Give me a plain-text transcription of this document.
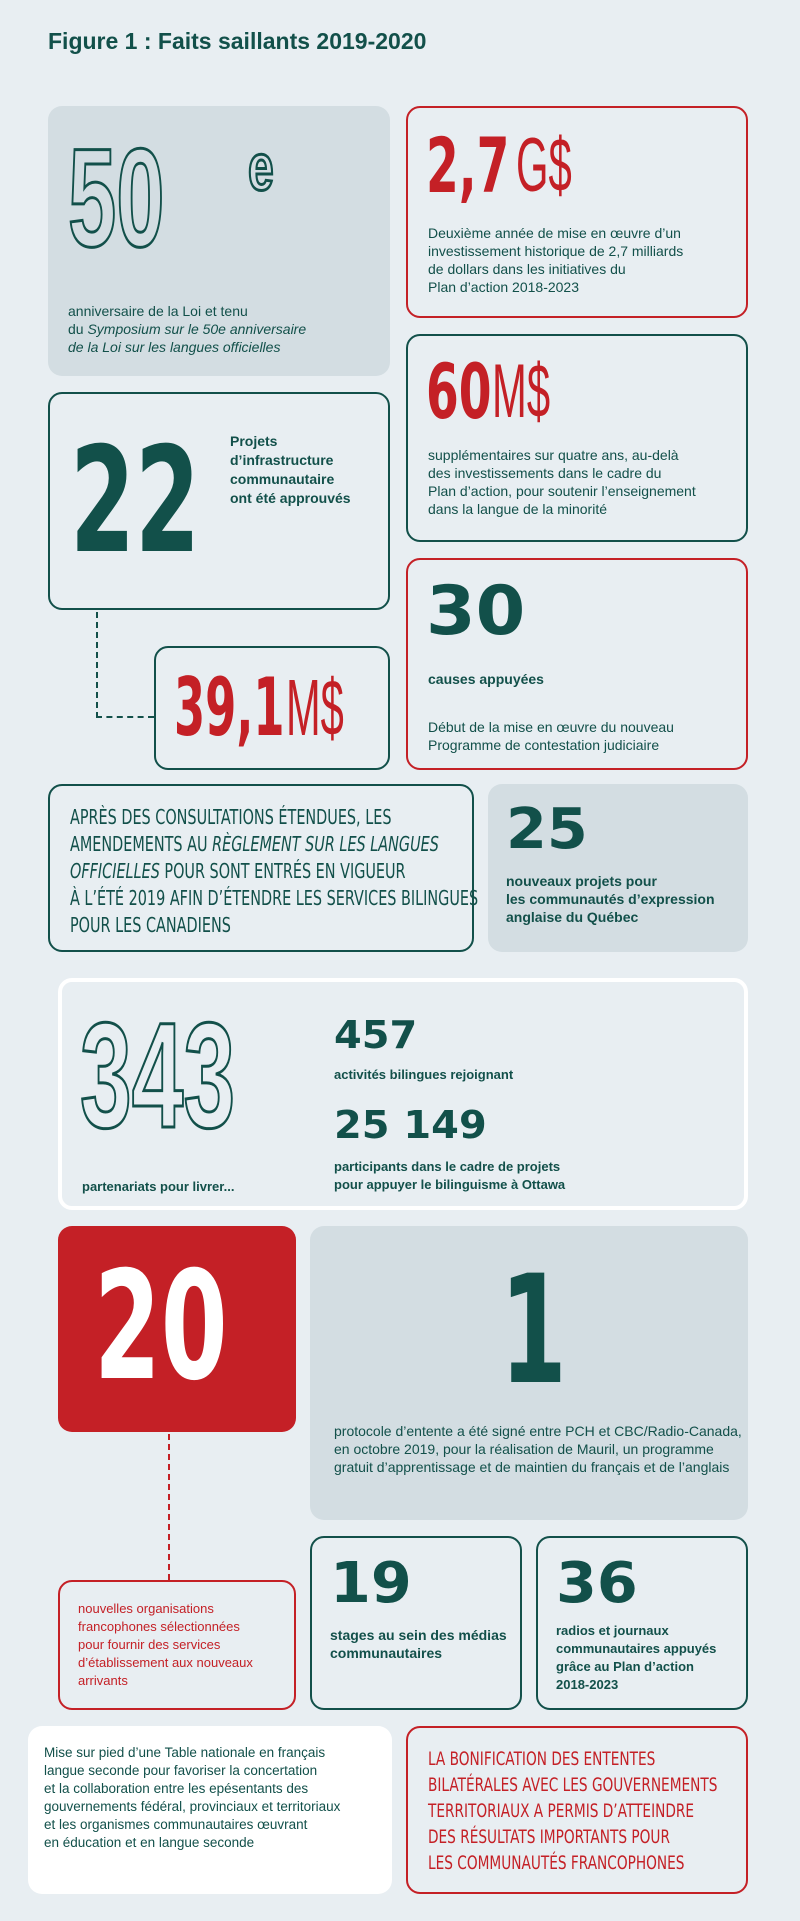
Figure 1 : Faits saillants 2019-2020
50	e
anniversaire de la Loi et tenu
du Symposium sur le 50e anniversaire
de la Loi sur les langues officielles
2,7 G$
Deuxième année de mise en œuvre d’un
investissement historique de 2,7 milliards
de dollars dans les initiatives du
Plan d’action 2018-2023
60 M$
supplémentaires sur quatre ans, au-delà
des investissements dans le cadre du
Plan d’action, pour soutenir l’enseignement
dans la langue de la minorité
22	Projets
d’infrastructure
communautaire
ont été approuvés
39,1 M$
30
causes appuyées
Début de la mise en œuvre du nouveau
Programme de contestation judiciaire
APRÈS DES CONSULTATIONS ÉTENDUES, LES
AMENDEMENTS AU RÈGLEMENT SUR LES LANGUES
OFFICIELLES POUR SONT ENTRÉS EN VIGUEUR
À L’ÉTÉ 2019 AFIN D’ÉTENDRE LES SERVICES BILINGUES
POUR LES CANADIENS
25
nouveaux projets pour
les communautés d’expression
anglaise du Québec
343
partenariats pour livrer...
457
activités bilingues rejoignant
25 149
participants dans le cadre de projets
pour appuyer le bilinguisme à Ottawa
20	1
protocole d’entente a été signé entre PCH et CBC/Radio-Canada,
en octobre 2019, pour la réalisation de Mauril, un programme
gratuit d’apprentissage et de maintien du français et de l’anglais
nouvelles organisations
francophones sélectionnées
pour fournir des services
d’établissement aux nouveaux
arrivants
19
stages au sein des médias
communautaires
36
radios et journaux
communautaires appuyés
grâce au Plan d’action
2018-2023
Mise sur pied d’une Table nationale en français
langue seconde pour favoriser la concertation
et la collaboration entre les epésentants des
gouvernements fédéral, provinciaux et territoriaux
et les organismes communautaires œuvrant
en éducation et en langue seconde
LA BONIFICATION DES ENTENTES
BILATÉRALES AVEC LES GOUVERNEMENTS
TERRITORIAUX A PERMIS D’ATTEINDRE
DES RÉSULTATS IMPORTANTS POUR
LES COMMUNAUTÉS FRANCOPHONES
